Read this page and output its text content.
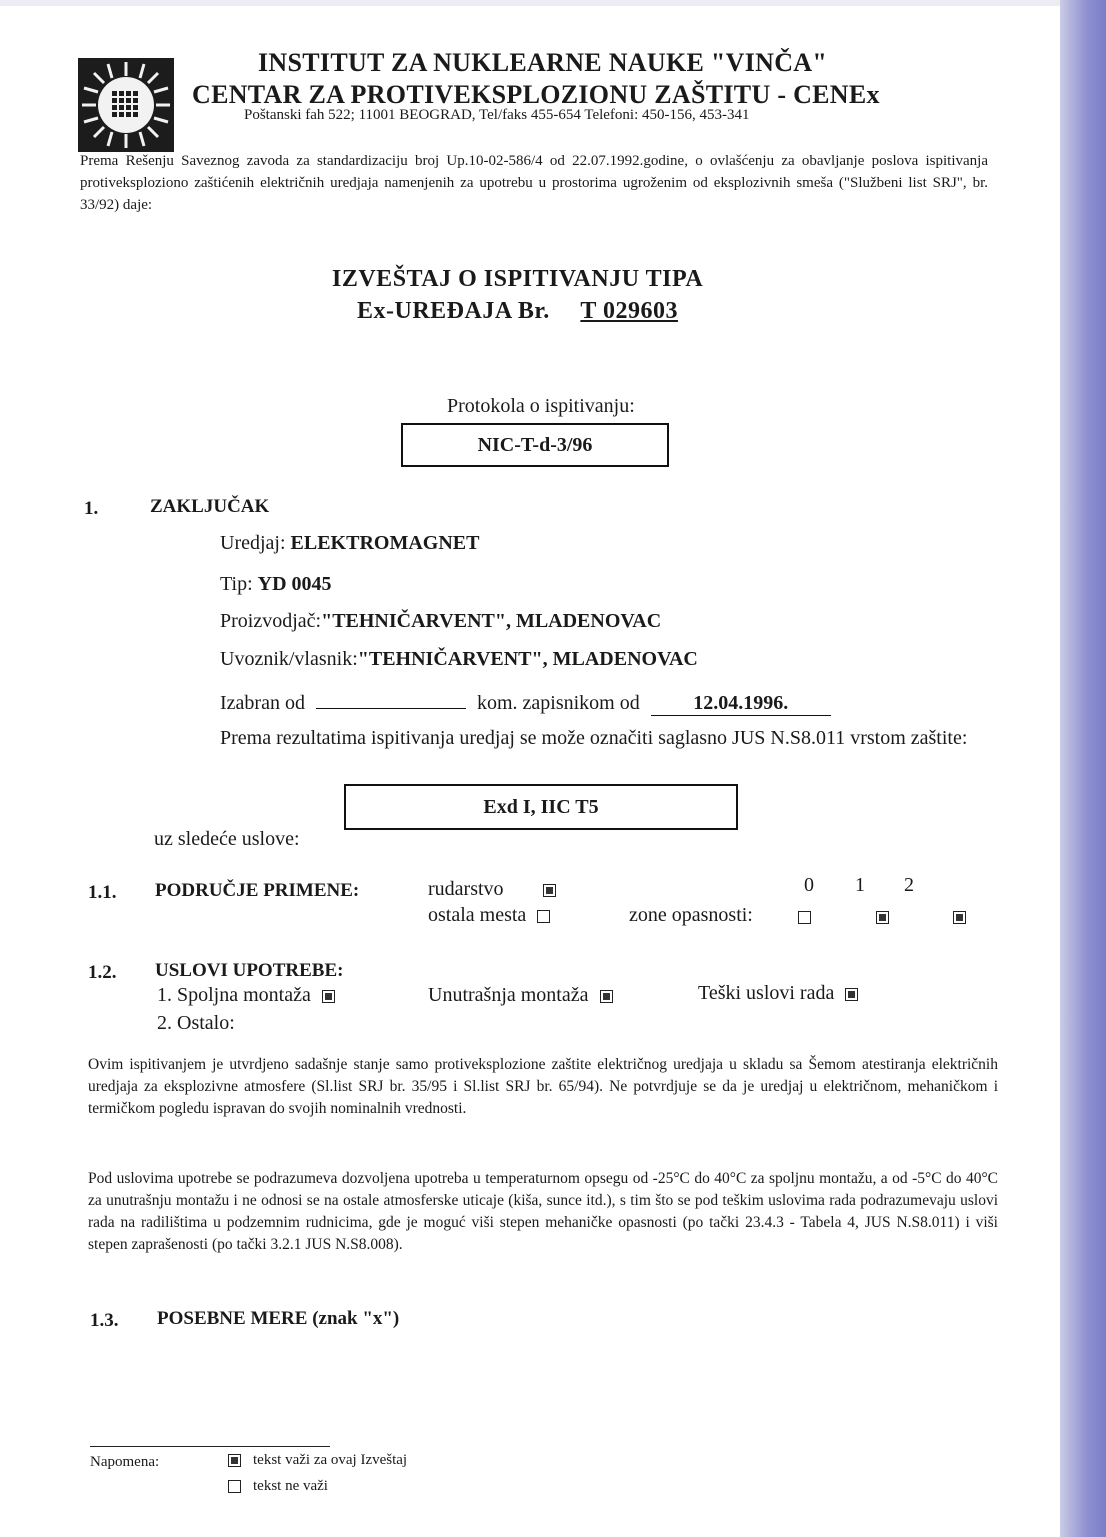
INSTITUT ZA NUKLEARNE NAUKE "VINČA"
CENTAR ZA PROTIVEKSPLOZIONU ZAŠTITU - CENEx
Poštanski fah 522; 11001 BEOGRAD, Tel/faks 455-654 Telefoni: 450-156, 453-341
Prema Rešenju Saveznog zavoda za standardizaciju broj Up.10-02-586/4 od 22.07.1992.godine, o ovlašćenju za obavljanje poslova ispitivanja protiveksplozionо zaštićenih električnih uredjaja namenjenih za upotrebu u prostorima ugroženim od eksplozivnih smeša ("Službeni list SRJ", br. 33/92) daje:
IZVEŠTAJ O ISPITIVANJU TIPA
Ex-UREĐAJA Br. T 029603
Protokola o ispitivanju:
NIC-T-d-3/96
1.	ZAKLJUČAK
Uredjaj: ELEKTROMAGNET
Tip: YD 0045
Proizvodjač:"TEHNIČARVENT", MLADENOVAC
Uvoznik/vlasnik:"TEHNIČARVENT", MLADENOVAC
Izabran od	kom. zapisnikom od	12.04.1996.
Prema rezultatima ispitivanja uredjaj se može označiti saglasno JUS N.S8.011 vrstom zaštite:
Exd I, IIC T5
uz sledeće uslove:
1.1. PODRUČJE PRIMENE:	rudarstvo
ostala mesta	zone opasnosti:
0 1 2

1.2. USLOVI UPOTREBE:
1. Spoljna montaža	Unutrašnja montaža	Teški uslovi rada
2. Ostalo:
Ovim ispitivanjem je utvrdjeno sadašnje stanje samo protiveksplozione zaštite električnog uredjaja u skladu sa Šemom atestiranja električnih uredjaja za eksplozivne atmosfere (Sl.list SRJ br. 35/95 i Sl.list SRJ br. 65/94). Ne potvrdjuje se da je uredjaj u električnom, mehaničkom i termičkom pogledu ispravan do svojih nominalnih vrednosti.
Pod uslovima upotrebe se podrazumeva dozvoljena upotreba u temperaturnom opsegu od -25°C do 40°C za spoljnu montažu, a od -5°C do 40°C za unutrašnju montažu i ne odnosi se na ostale atmosferske uticaje (kiša, sunce itd.), s tim što se pod teškim uslovima rada podrazumevaju uslovi rada na radilištima u podzemnim rudnicima, gde je moguć viši stepen mehaničke opasnosti (po tački 23.4.3 - Tabela 4, JUS N.S8.011) i viši stepen zaprašenosti (po tački 3.2.1 JUS N.S8.008).
1.3. POSEBNE MERE (znak "x")
Napomena:	tekst važi za ovaj Izveštaj
tekst ne važi
